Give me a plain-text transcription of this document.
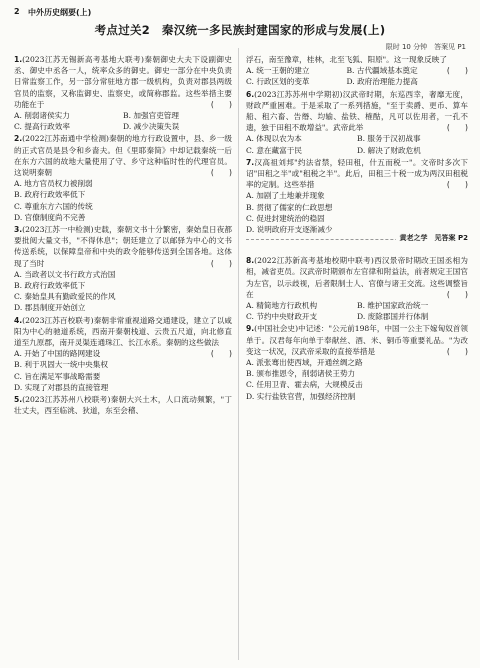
2 中外历史纲要(上)
考点过关2　秦汉统一多民族封建国家的形成与发展(上)
限时 10 分钟　答案见 P1
1.(2023江苏无锡新高考基地大联考)秦朝御史大夫下设副御史丞、御史中丞各一人，统率众多的御史。御史一部分在中央负责日常监察工作，另一部分常驻地方郡一级机构，负责对郡县两级官员的监察，又称监御史、监察史，或简称郡监。这些举措主要功能在于	(　　)
A. 削弱诸侯实力	B. 加强官吏管理
C. 提高行政效率	D. 减少决策失误
2.(2022江苏南通中学检测)秦朝的地方行政设置中，县、乡一级的正式官员是县令和乡啬夫。但《里耶秦简》中却记载秦统一后在东方六国的故地大量使用了守、乡守这种临时性的代理官员。这说明秦朝	(　　)
A. 地方官员权力被削弱
B. 政府行政效率低下
C. 尊重东方六国的传统
D. 官僚制度尚不完善
3.(2023江苏一中检测)史载，秦朝文书十分繁密，秦始皇日夜都要批阅大量文书，"不得休息"；朝廷建立了以邮驿为中心的文书传送系统，以保障皇帝和中央的政令能够传送到全国各地。这体现了当时	(　　)
A. 当政者以文书行政方式治国
B. 政府行政效率低下
C. 秦始皇具有勤政爱民的作风
D. 郡县制度开始创立
4.(2023江苏百校联考)秦朝非常重视道路交通建设，建立了以咸阳为中心的驰道系统，西南开秦朝栈道、云贵五尺道，向北修直道至九原郡，南开灵渠连通珠江、长江水系。秦朝的这些做法
(　　)
A. 开始了中国的路网建设
B. 利于巩固大一统中央集权
C. 旨在满足军事战略需要
D. 实现了对郡县的直接管理
5.(2023江苏苏州八校联考)秦朝大兴土木，人口流动频繁，"丁壮丈夫，西至临洮、狄道，东至会稽、
浮石，南至豫章，桂林，北至飞狐、阳原"。这一现象反映了
(　　)
A. 统一王朝的建立	B. 古代疆域基本奠定
C. 行政区划的变革	D. 政府治理能力提高
6.(2023江苏苏州中学期初)汉武帝时期，东巡西幸，奢靡无度，财政严重困难。于是采取了一系列措施，"至于卖爵、更币、算车船、租六畜、告缗、均输、盐铁、榷酤，凡可以佐用者，一孔不遗，独于田租不敢增益"。武帝此举	(　　)
A. 体现以农为本	B. 服务于汉初战事
C. 意在藏富于民	D. 解决了财政危机
7.汉高祖刘邦"约法省禁，轻田租，什五而税一"。文帝时多次下诏"田租之半"或"租税之半"。此后，田租三十税一成为两汉田租税率的定制。这些举措	(　　)
A. 加剧了土地兼并现象
B. 贯彻了儒家的仁政思想
C. 促进封建统治的稳固
D. 说明政府开支逐渐减少
黄老之学　见答案 P2
8.(2022江苏新高考基地校期中联考)西汉景帝时期改王国丞相为相，减省吏员。汉武帝时期颁布左官律和附益法，前者规定王国官为左官，以示歧视，后者限制士人、官僚与诸王交流。这些调整旨在	(　　)
A. 精简地方行政机构	B. 维护国家政治统一
C. 节约中央财政开支	D. 废除郡国并行体制
9.(中国社会史)中记述："公元前198年，中国一公主下嫁匈奴首领单于。汉君每年向单于奉献丝、酒、米、铜币等重要礼品。"为改变这一状况，汉武帝采取的直接举措是	(　　)
A. 派张骞出使西域，开通丝绸之路
B. 颁布推恩令，削弱诸侯王势力
C. 任用卫青、霍去病，大规模反击
D. 实行盐铁官营，加强经济控制
